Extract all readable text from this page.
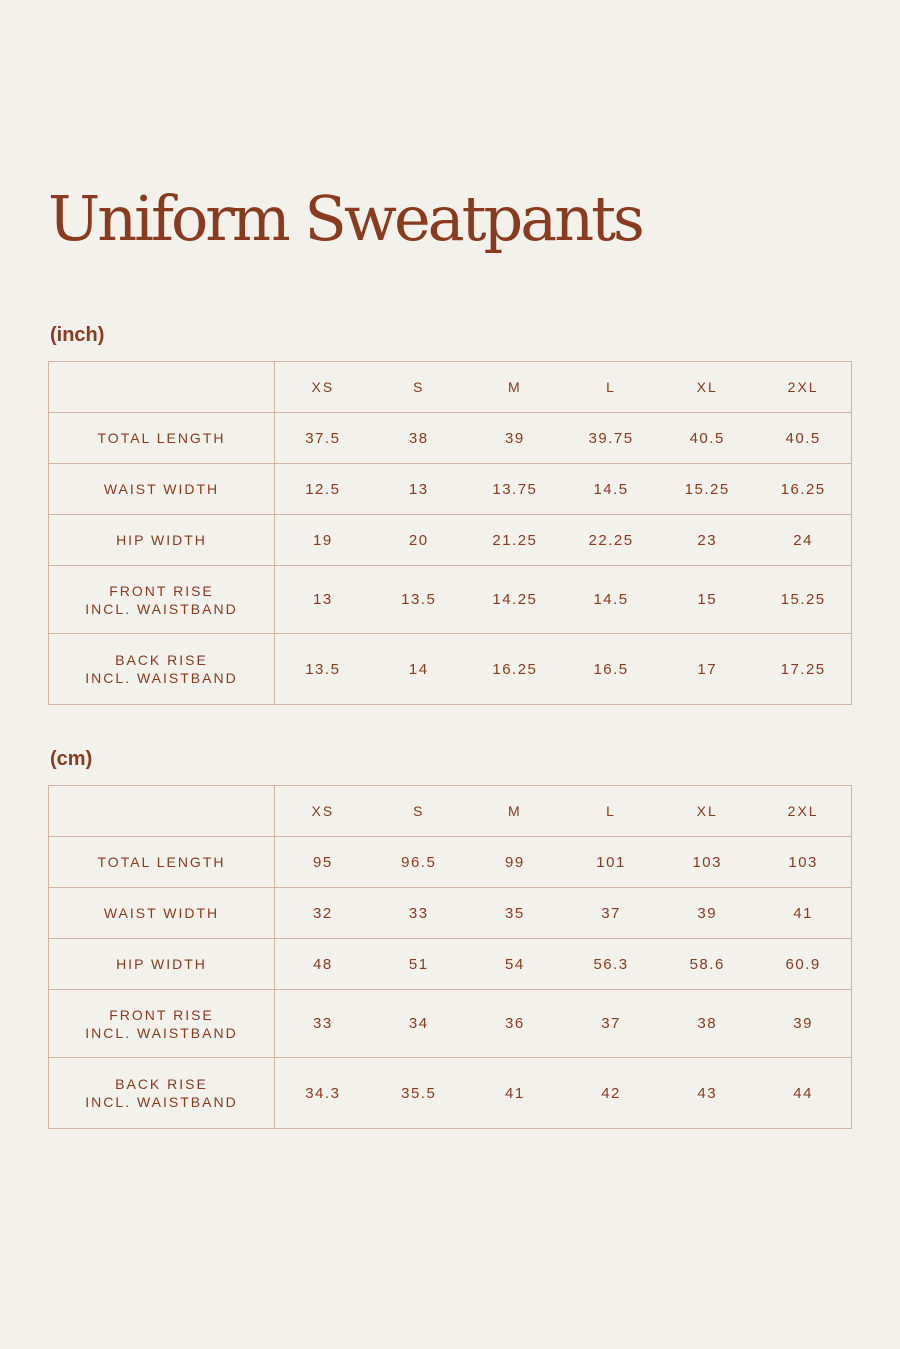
Uniform Sweatpants
(inch)
	XS	S	M	L	XL	2XL

TOTAL LENGTH	37.5	38	39	39.75	40.5	40.5

WAIST WIDTH	12.5	13	13.75	14.5	15.25	16.25

HIP WIDTH	19	20	21.25	22.25	23	24

FRONT RISE
INCL. WAISTBAND	13	13.5	14.25	14.5	15	15.25

BACK RISE
INCL. WAISTBAND	13.5	14	16.25	16.5	17	17.25
(cm)
	XS	S	M	L	XL	2XL

TOTAL LENGTH	95	96.5	99	101	103	103

WAIST WIDTH	32	33	35	37	39	41

HIP WIDTH	48	51	54	56.3	58.6	60.9

FRONT RISE
INCL. WAISTBAND	33	34	36	37	38	39

BACK RISE
INCL. WAISTBAND	34.3	35.5	41	42	43	44
